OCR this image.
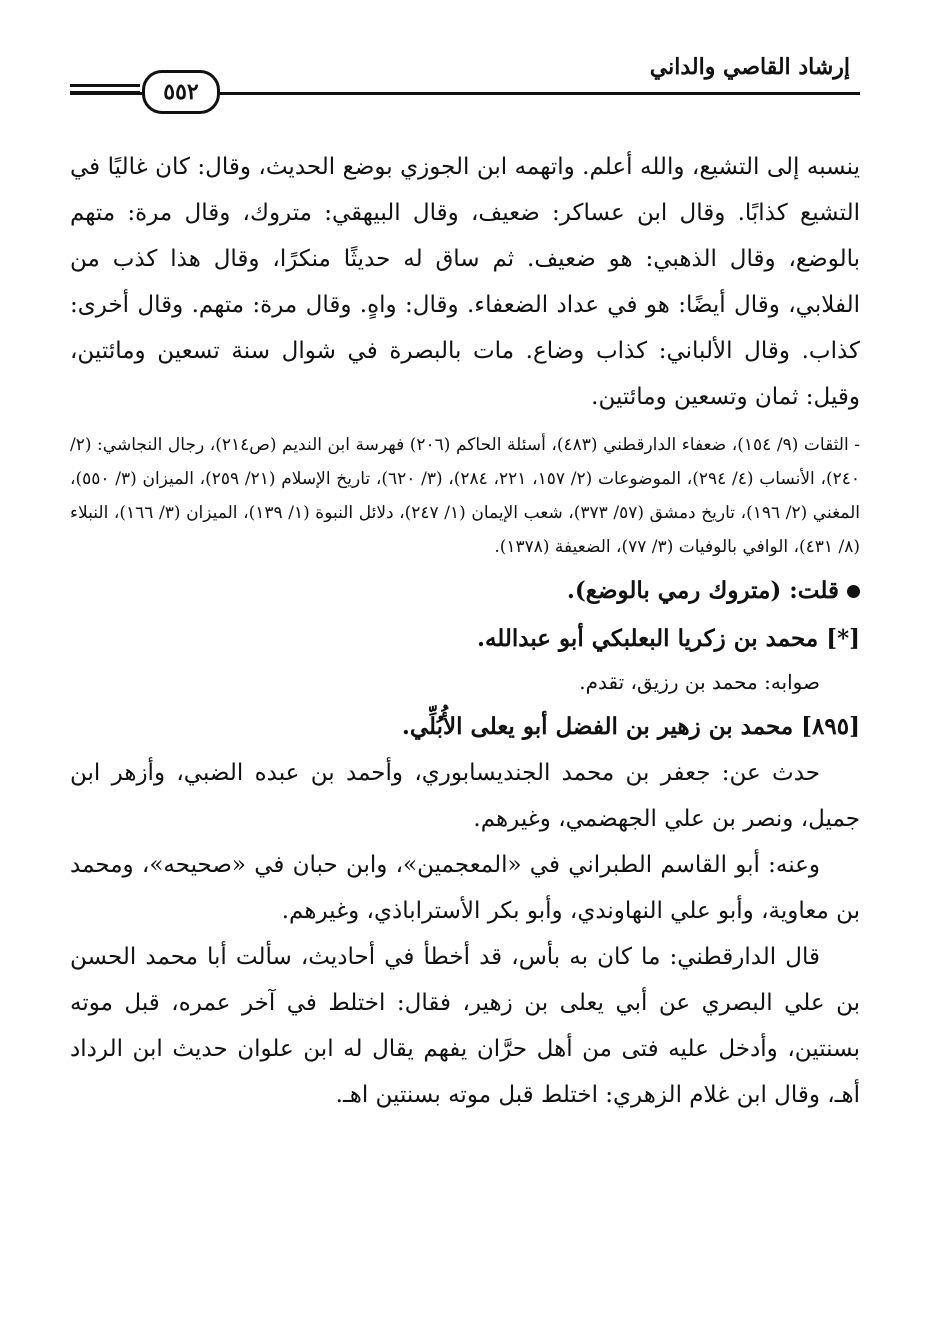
إرشاد القاصي والداني
٥٥٢

ينسبه إلى التشيع، والله أعلم. واتهمه ابن الجوزي بوضع الحديث، وقال: كان غاليًا في التشيع كذابًا. وقال ابن عساكر: ضعيف، وقال البيهقي: متروك، وقال مرة: متهم بالوضع، وقال الذهبي: هو ضعيف. ثم ساق له حديثًا منكرًا، وقال هذا كذب من الفلابي، وقال أيضًا: هو في عداد الضعفاء. وقال: واهٍ. وقال مرة: متهم. وقال أخرى: كذاب. وقال الألباني: كذاب وضاع. مات بالبصرة في شوال سنة تسعين ومائتين، وقيل: ثمان وتسعين ومائتين.

- الثقات (٩/ ١٥٤)، ضعفاء الدارقطني (٤٨٣)، أسئلة الحاكم (٢٠٦) فهرسة ابن النديم (ص٢١٤)، رجال النجاشي: (٢/ ٢٤٠)، الأنساب (٤/ ٢٩٤)، الموضوعات (٢/ ١٥٧، ٢٢١، ٢٨٤)، (٣/ ٦٢٠)، تاريخ الإسلام (٢١/ ٢٥٩)، الميزان (٣/ ٥٥٠)، المغني (٢/ ١٩٦)، تاريخ دمشق (٥٧/ ٣٧٣)، شعب الإيمان (١/ ٢٤٧)، دلائل النبوة (١/ ١٣٩)، الميزان (٣/ ١٦٦)، النبلاء (٨/ ٤٣١)، الوافي بالوفيات (٣/ ٧٧)، الضعيفة (١٣٧٨).

قلت: (متروك رمي بالوضع).

[*] محمد بن زكريا البعلبكي أبو عبدالله.

صوابه: محمد بن رزيق، تقدم.

[٨٩٥] محمد بن زهير بن الفضل أبو يعلى الأُبُلِّي.

حدث عن: جعفر بن محمد الجنديسابوري، وأحمد بن عبده الضبي، وأزهر ابن جميل، ونصر بن علي الجهضمي، وغيرهم.

وعنه: أبو القاسم الطبراني في «المعجمين»، وابن حبان في «صحيحه»، ومحمد بن معاوية، وأبو علي النهاوندي، وأبو بكر الأستراباذي، وغيرهم.

قال الدارقطني: ما كان به بأس، قد أخطأ في أحاديث، سألت أبا محمد الحسن بن علي البصري عن أبي يعلى بن زهير، فقال: اختلط في آخر عمره، قبل موته بسنتين، وأدخل عليه فتى من أهل حرَّان يفهم يقال له ابن علوان حديث ابن الرداد أهـ، وقال ابن غلام الزهري: اختلط قبل موته بسنتين اهـ.
